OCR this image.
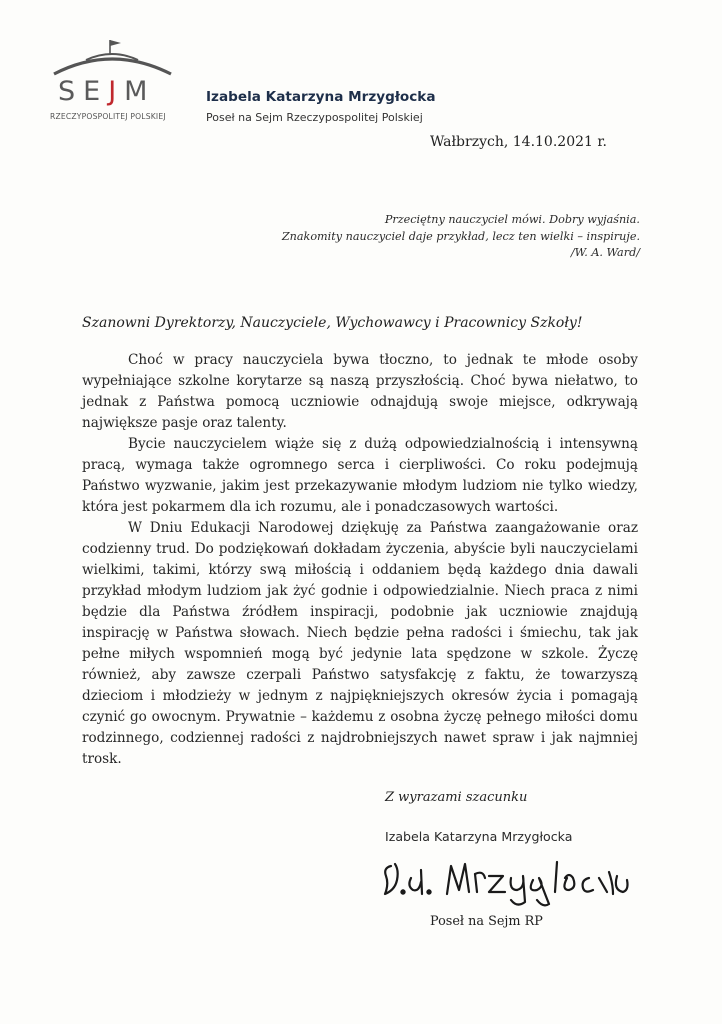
SEJM
RZECZYPOSPOLITEJ POLSKIEJ
Izabela Katarzyna Mrzygłocka
Poseł na Sejm Rzeczypospolitej Polskiej
Wałbrzych, 14.10.2021 r.
Przeciętny nauczyciel mówi. Dobry wyjaśnia.
Znakomity nauczyciel daje przykład, lecz ten wielki – inspiruje.
/W. A. Ward/
Szanowni Dyrektorzy, Nauczyciele, Wychowawcy i Pracownicy Szkoły!

Choć w pracy nauczyciela bywa tłoczno, to jednak te młode osoby wypełniające szkolne korytarze są naszą przyszłością. Choć bywa niełatwo, to jednak z Państwa pomocą uczniowie odnajdują swoje miejsce, odkrywają największe pasje oraz talenty.

Bycie nauczycielem wiąże się z dużą odpowiedzialnością i intensywną pracą, wymaga także ogromnego serca i cierpliwości. Co roku podejmują Państwo wyzwanie, jakim jest przekazywanie młodym ludziom nie tylko wiedzy, która jest pokarmem dla ich rozumu, ale i ponadczasowych wartości.

W Dniu Edukacji Narodowej dziękuję za Państwa zaangażowanie oraz codzienny trud. Do podziękowań dokładam życzenia, abyście byli nauczycielami wielkimi, takimi, którzy swą miłością i oddaniem będą każdego dnia dawali przykład młodym ludziom jak żyć godnie i odpowiedzialnie. Niech praca z nimi będzie dla Państwa źródłem inspiracji, podobnie jak uczniowie znajdują inspirację w Państwa słowach. Niech będzie pełna radości i śmiechu, tak jak pełne miłych wspomnień mogą być jedynie lata spędzone w szkole. Życzę również, aby zawsze czerpali Państwo satysfakcję z faktu, że towarzyszą dzieciom i młodzieży w jednym z najpiękniejszych okresów życia i pomagają czynić go owocnym. Prywatnie – każdemu z osobna życzę pełnego miłości domu rodzinnego, codziennej radości z najdrobniejszych nawet spraw i jak najmniej trosk.

Z wyrazami szacunku
Izabela Katarzyna Mrzygłocka
Poseł na Sejm RP
